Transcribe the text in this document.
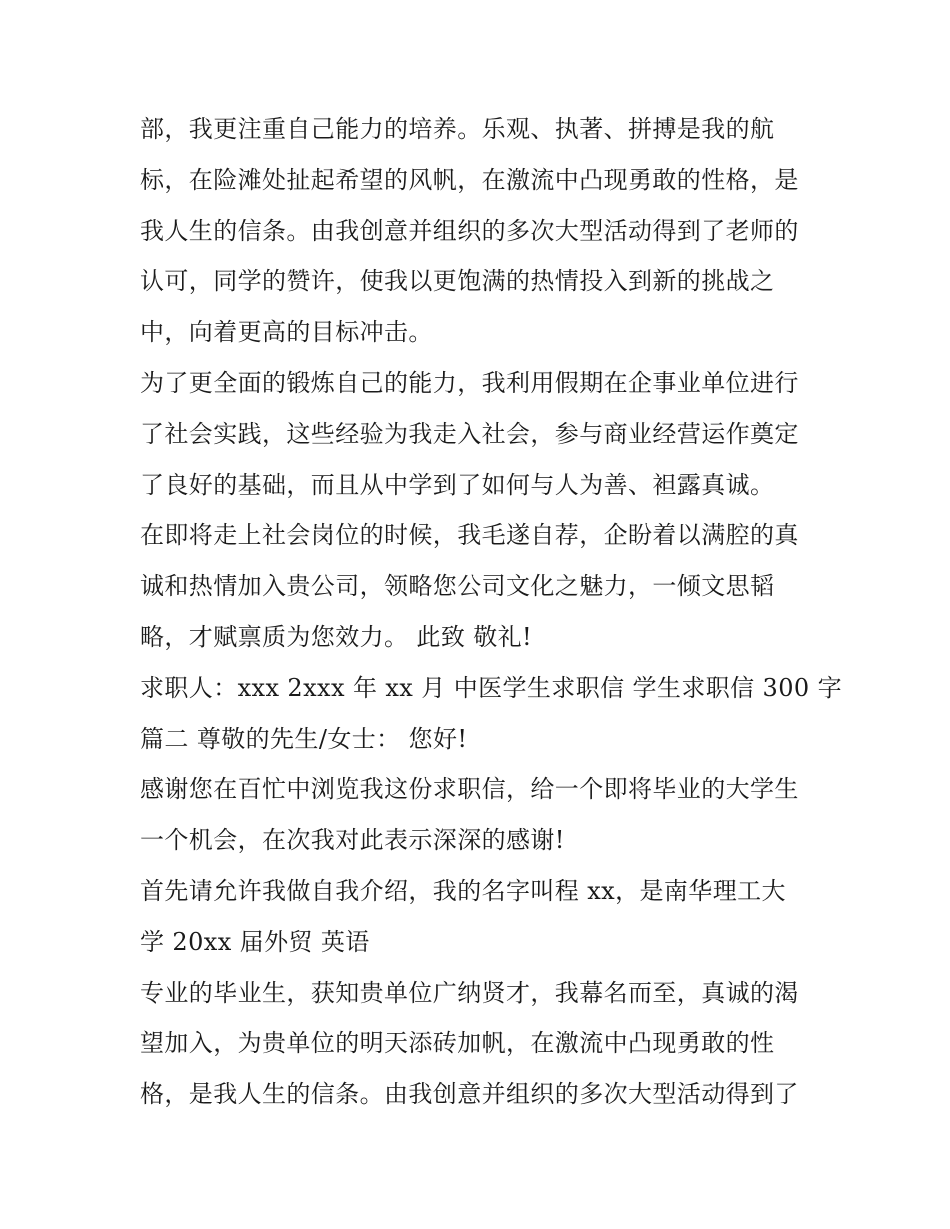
部，我更注重自己能力的培养。乐观、执著、拼搏是我的航
标，在险滩处扯起希望的风帆，在激流中凸现勇敢的性格，是
我人生的信条。由我创意并组织的多次大型活动得到了老师的
认可，同学的赞许，使我以更饱满的热情投入到新的挑战之
中，向着更高的目标冲击。
为了更全面的锻炼自己的能力，我利用假期在企事业单位进行
了社会实践，这些经验为我走入社会，参与商业经营运作奠定
了良好的基础，而且从中学到了如何与人为善、袒露真诚。
在即将走上社会岗位的时候，我毛遂自荐，企盼着以满腔的真
诚和热情加入贵公司，领略您公司文化之魅力，一倾文思韬
略，才赋禀质为您效力。 此致 敬礼!
求职人：xxx 2xxx 年 xx 月 中医学生求职信 学生求职信 300 字
篇二 尊敬的先生/女士： 您好!
感谢您在百忙中浏览我这份求职信，给一个即将毕业的大学生
一个机会，在次我对此表示深深的感谢!
首先请允许我做自我介绍，我的名字叫程 xx，是南华理工大
学 20xx 届外贸 英语
专业的毕业生，获知贵单位广纳贤才，我幕名而至，真诚的渴
望加入，为贵单位的明天添砖加帆，在激流中凸现勇敢的性
格，是我人生的信条。由我创意并组织的多次大型活动得到了
